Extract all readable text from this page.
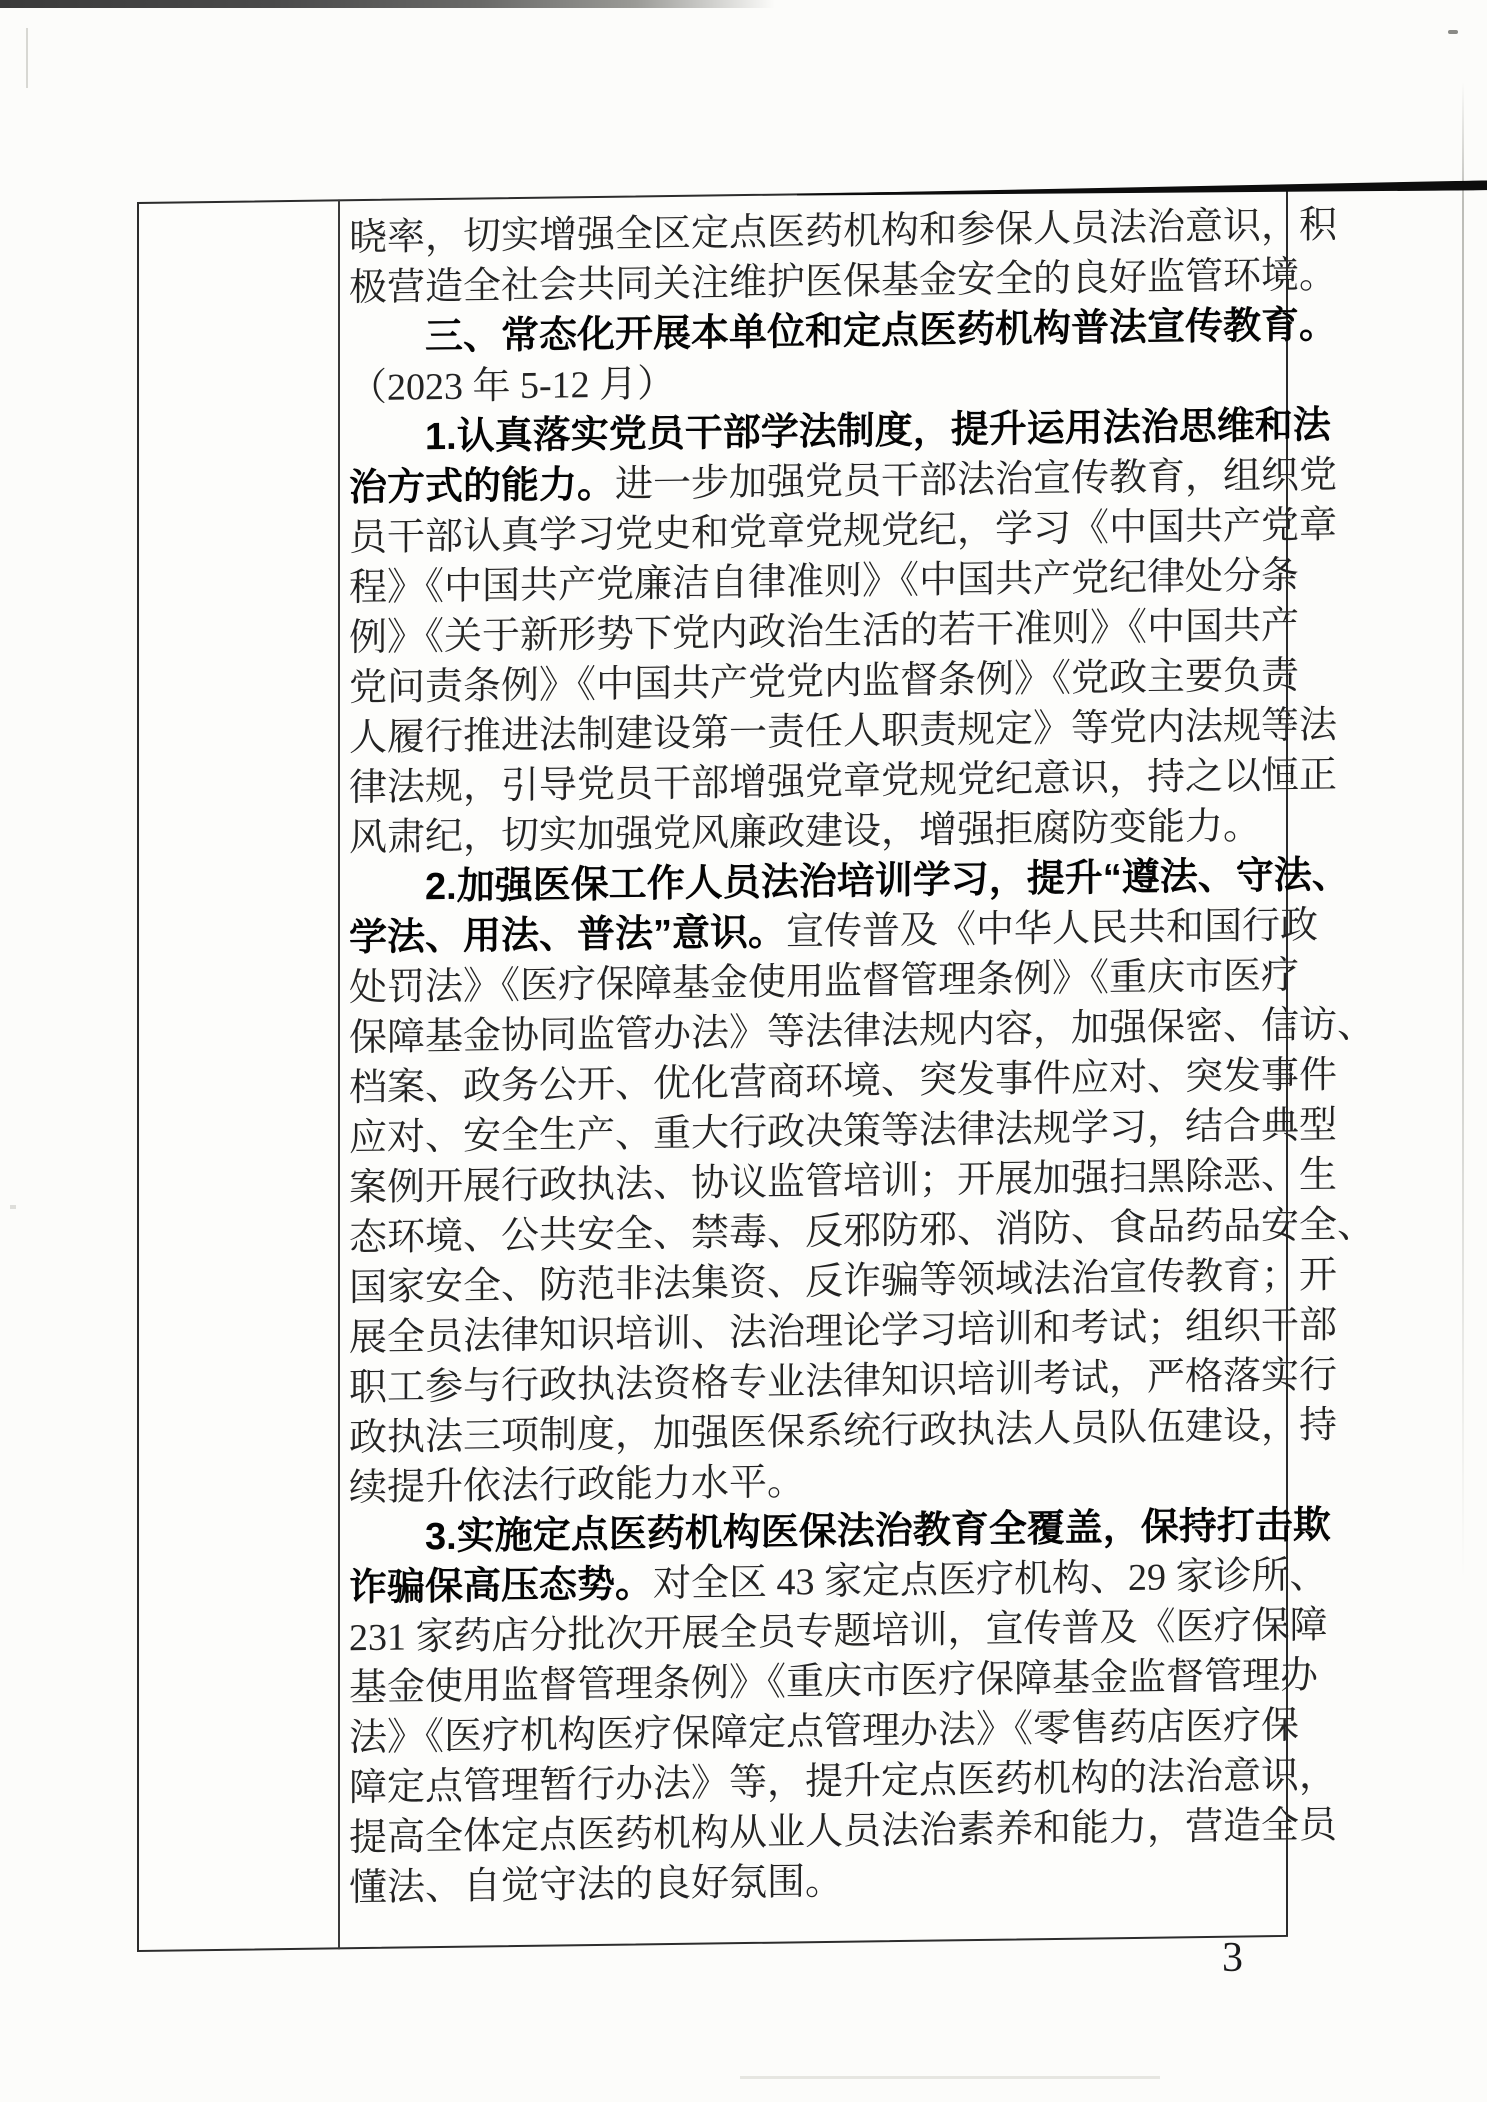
晓率，切实增强全区定点医药机构和参保人员法治意识，积
极营造全社会共同关注维护医保基金安全的良好监管环境。
三、常态化开展本单位和定点医药机构普法宣传教育。
（2023 年 5-12 月）
1.认真落实党员干部学法制度，提升运用法治思维和法
治方式的能力。进一步加强党员干部法治宣传教育，组织党
员干部认真学习党史和党章党规党纪，学习《中国共产党章
程》《中国共产党廉洁自律准则》《中国共产党纪律处分条
例》《关于新形势下党内政治生活的若干准则》《中国共产
党问责条例》《中国共产党党内监督条例》《党政主要负责
人履行推进法制建设第一责任人职责规定》等党内法规等法
律法规，引导党员干部增强党章党规党纪意识，持之以恒正
风肃纪，切实加强党风廉政建设，增强拒腐防变能力。
2.加强医保工作人员法治培训学习，提升“遵法、守法、
学法、用法、普法”意识。宣传普及《中华人民共和国行政
处罚法》《医疗保障基金使用监督管理条例》《重庆市医疗
保障基金协同监管办法》等法律法规内容，加强保密、信访、
档案、政务公开、优化营商环境、突发事件应对、突发事件
应对、安全生产、重大行政决策等法律法规学习，结合典型
案例开展行政执法、协议监管培训；开展加强扫黑除恶、生
态环境、公共安全、禁毒、反邪防邪、消防、食品药品安全、
国家安全、防范非法集资、反诈骗等领域法治宣传教育；开
展全员法律知识培训、法治理论学习培训和考试；组织干部
职工参与行政执法资格专业法律知识培训考试，严格落实行
政执法三项制度，加强医保系统行政执法人员队伍建设，持
续提升依法行政能力水平。
3.实施定点医药机构医保法治教育全覆盖，保持打击欺
诈骗保高压态势。对全区 43 家定点医疗机构、29 家诊所、
231 家药店分批次开展全员专题培训，宣传普及《医疗保障
基金使用监督管理条例》《重庆市医疗保障基金监督管理办
法》《医疗机构医疗保障定点管理办法》《零售药店医疗保
障定点管理暂行办法》等，提升定点医药机构的法治意识，
提高全体定点医药机构从业人员法治素养和能力，营造全员
懂法、自觉守法的良好氛围。
3
